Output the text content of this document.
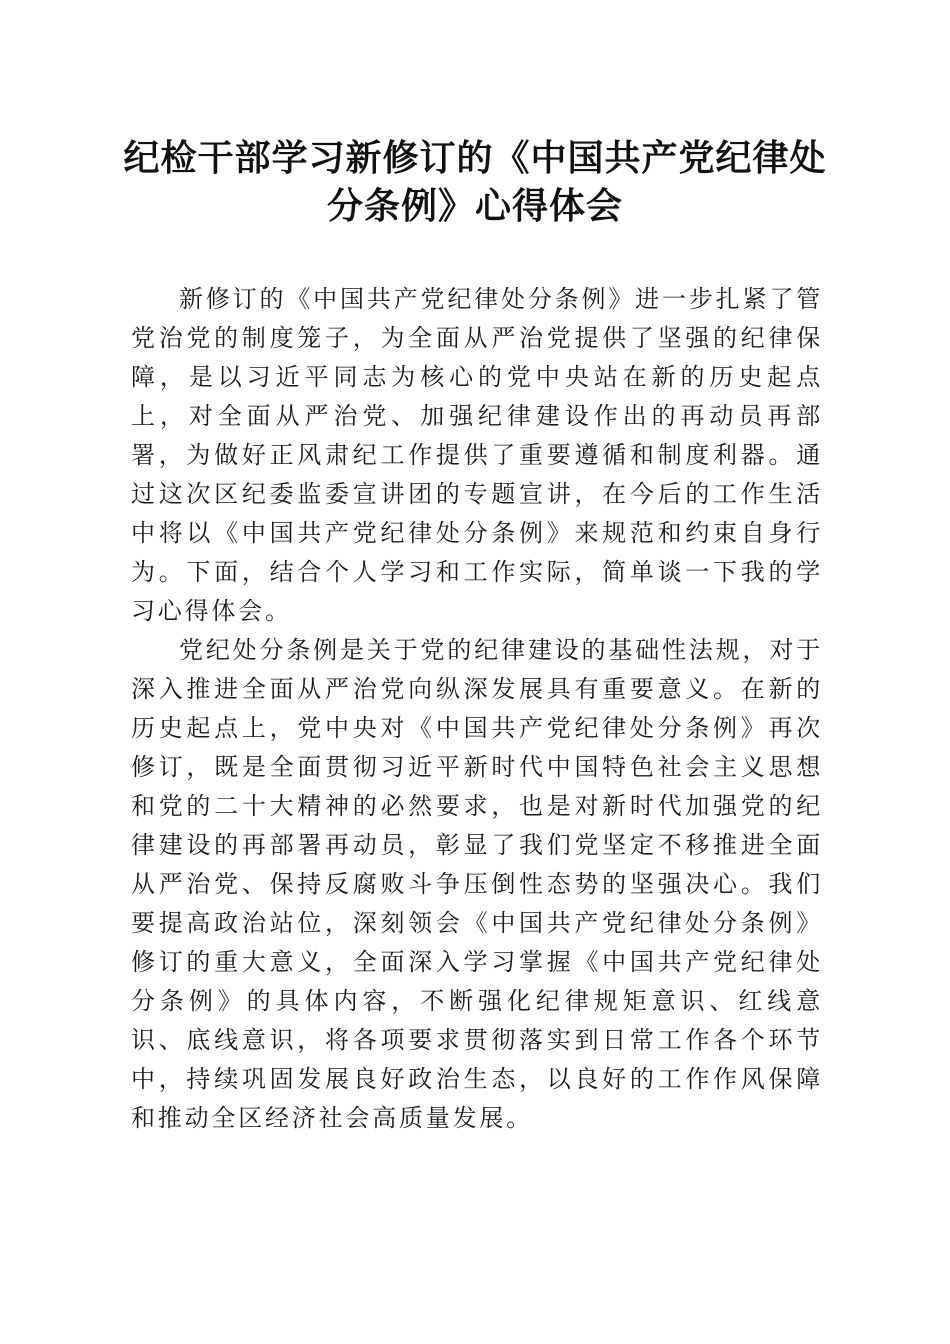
纪检干部学习新修订的《中国共产党纪律处分条例》心得体会

新修订的《中国共产党纪律处分条例》进一步扎紧了管党治党的制度笼子，为全面从严治党提供了坚强的纪律保障，是以习近平同志为核心的党中央站在新的历史起点上，对全面从严治党、加强纪律建设作出的再动员再部署，为做好正风肃纪工作提供了重要遵循和制度利器。通过这次区纪委监委宣讲团的专题宣讲，在今后的工作生活中将以《中国共产党纪律处分条例》来规范和约束自身行为。下面，结合个人学习和工作实际，简单谈一下我的学习心得体会。

党纪处分条例是关于党的纪律建设的基础性法规，对于深入推进全面从严治党向纵深发展具有重要意义。在新的历史起点上，党中央对《中国共产党纪律处分条例》再次修订，既是全面贯彻习近平新时代中国特色社会主义思想和党的二十大精神的必然要求，也是对新时代加强党的纪律建设的再部署再动员，彰显了我们党坚定不移推进全面从严治党、保持反腐败斗争压倒性态势的坚强决心。我们要提高政治站位，深刻领会《中国共产党纪律处分条例》修订的重大意义，全面深入学习掌握《中国共产党纪律处分条例》的具体内容，不断强化纪律规矩意识、红线意识、底线意识，将各项要求贯彻落实到日常工作各个环节中，持续巩固发展良好政治生态，以良好的工作作风保障和推动全区经济社会高质量发展。
